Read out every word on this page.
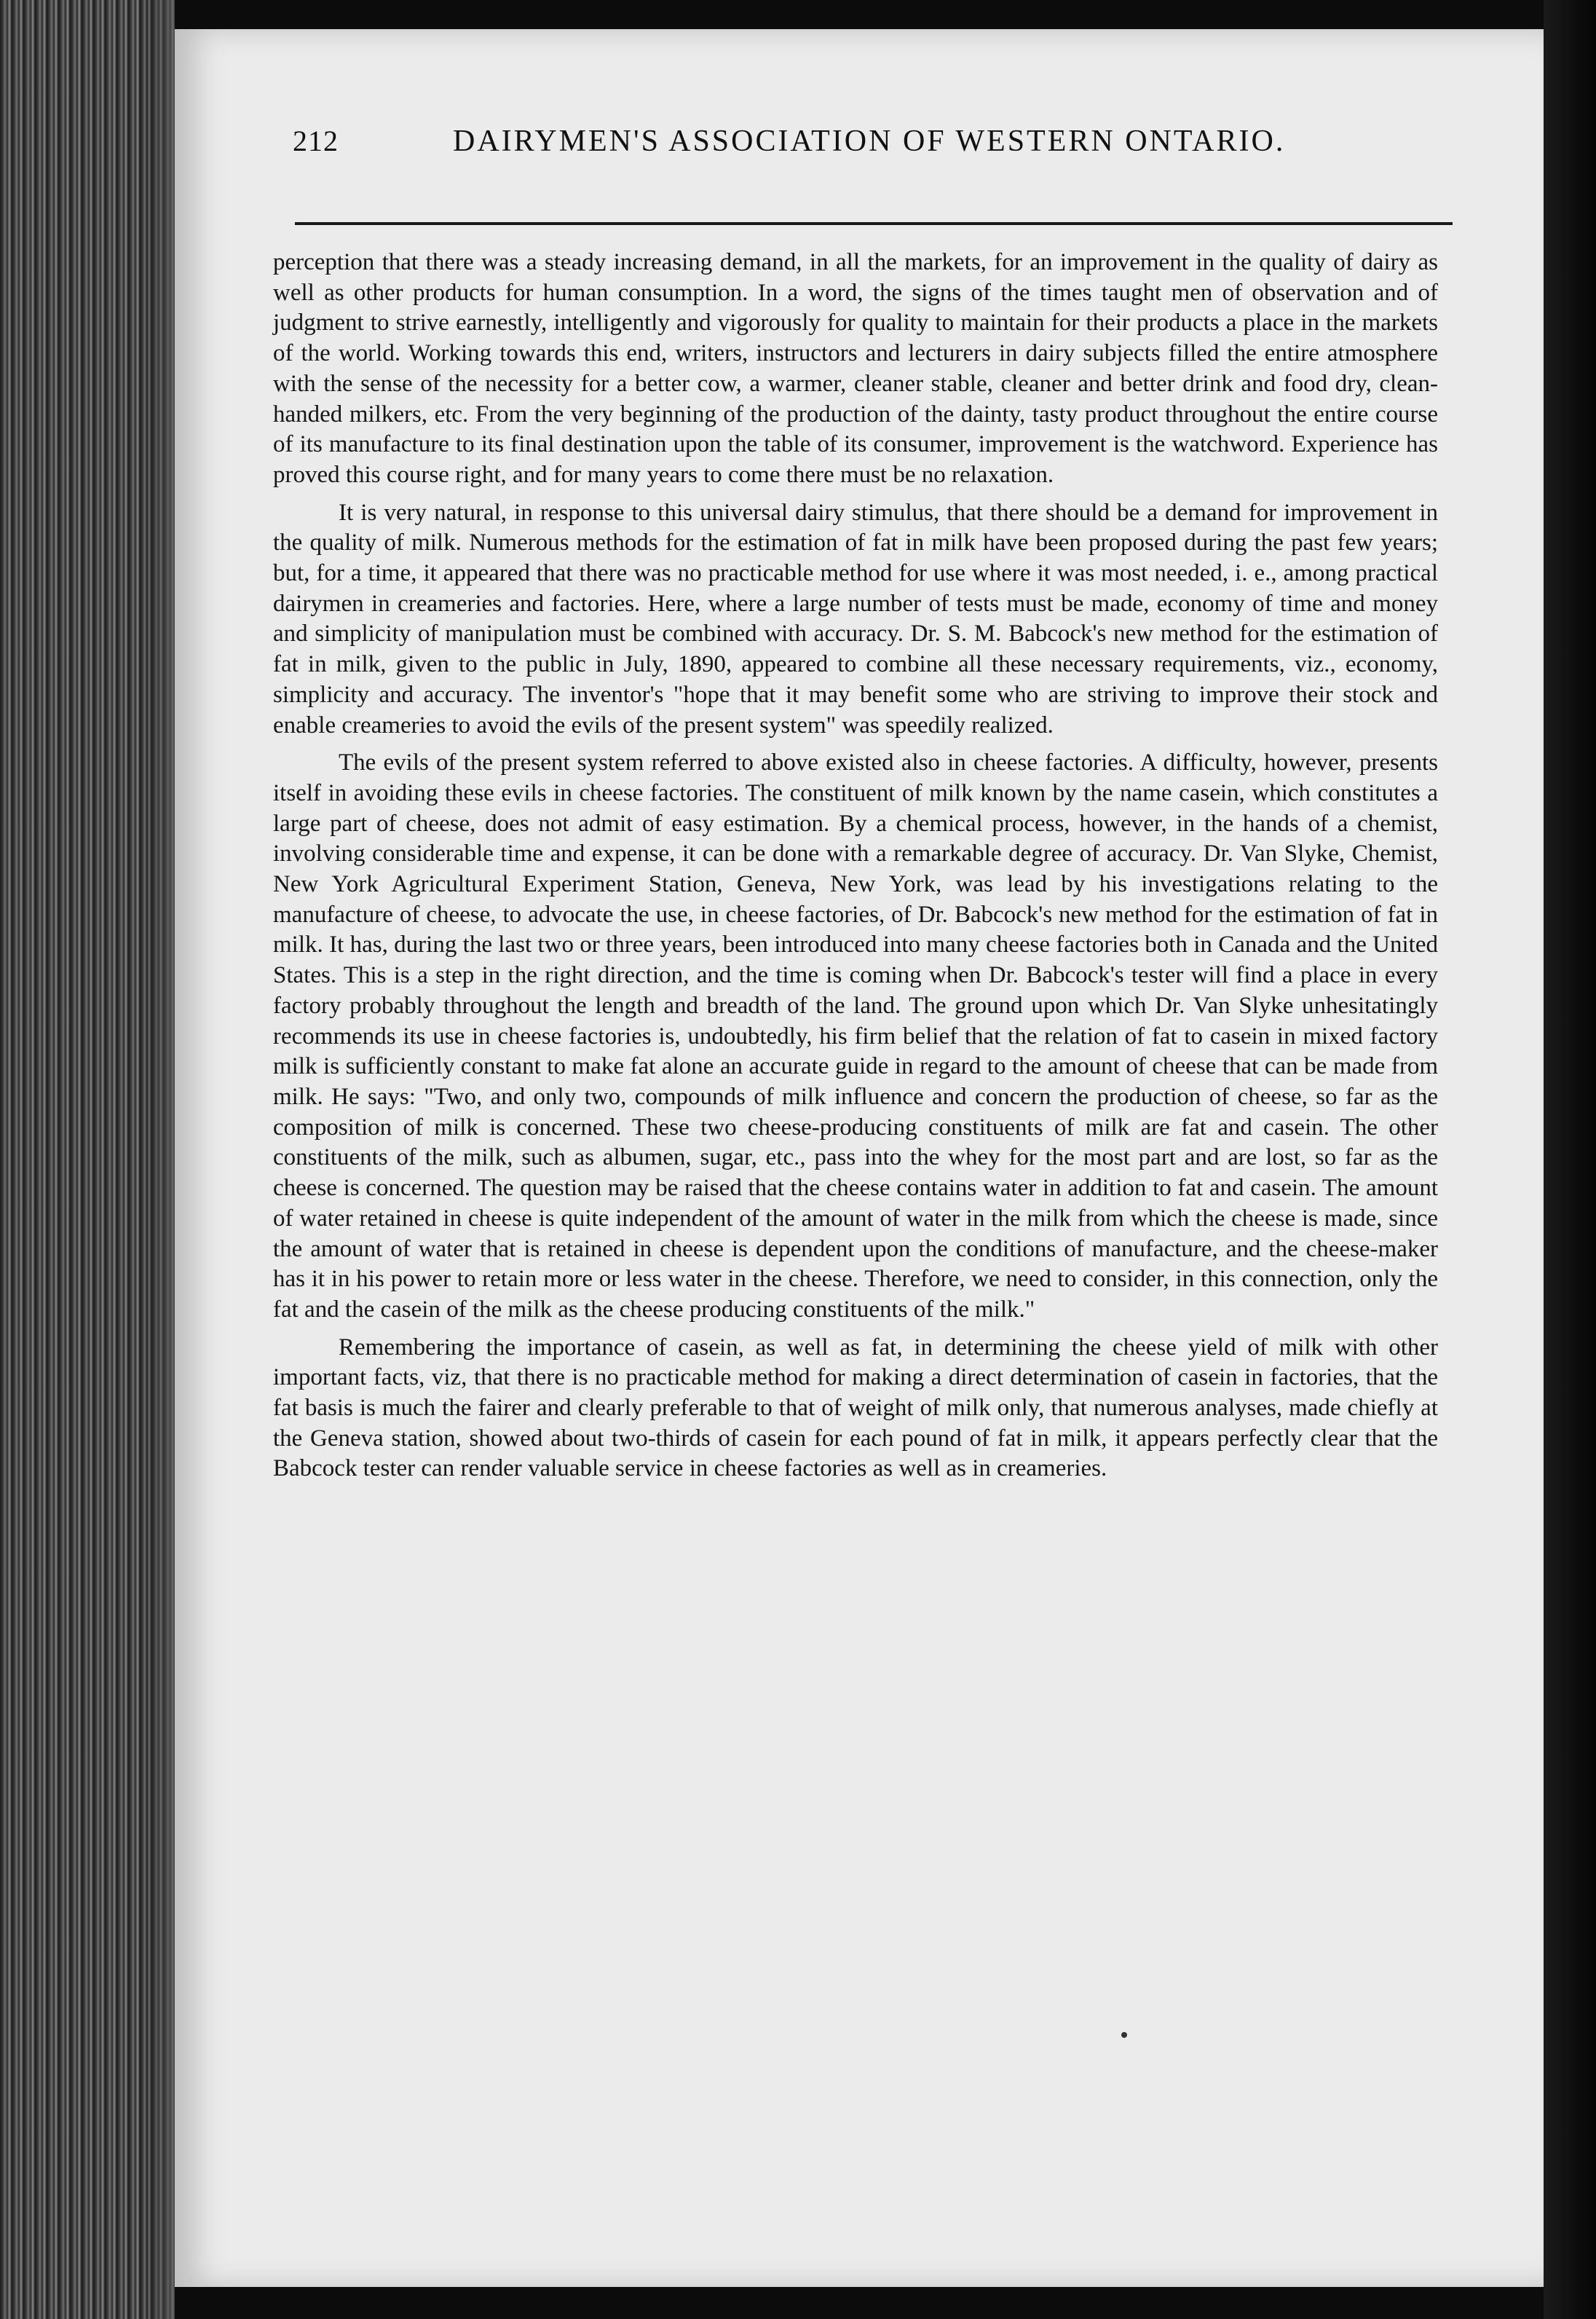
212	DAIRYMEN'S ASSOCIATION OF WESTERN ONTARIO.

perception that there was a steady increasing demand, in all the markets, for an improvement in the quality of dairy as well as other products for human consumption. In a word, the signs of the times taught men of observation and of judgment to strive earnestly, intelligently and vigorously for quality to maintain for their products a place in the markets of the world. Working towards this end, writers, instructors and lecturers in dairy subjects filled the entire atmosphere with the sense of the necessity for a better cow, a warmer, cleaner stable, cleaner and better drink and food dry, clean-handed milkers, etc. From the very beginning of the production of the dainty, tasty product throughout the entire course of its manufacture to its final destination upon the table of its consumer, improvement is the watchword. Experience has proved this course right, and for many years to come there must be no relaxation.

It is very natural, in response to this universal dairy stimulus, that there should be a demand for improvement in the quality of milk. Numerous methods for the estimation of fat in milk have been proposed during the past few years; but, for a time, it appeared that there was no practicable method for use where it was most needed, i. e., among practical dairymen in creameries and factories. Here, where a large number of tests must be made, economy of time and money and simplicity of manipulation must be combined with accuracy. Dr. S. M. Babcock's new method for the estimation of fat in milk, given to the public in July, 1890, appeared to combine all these necessary requirements, viz., economy, simplicity and accuracy. The inventor's "hope that it may benefit some who are striving to improve their stock and enable creameries to avoid the evils of the present system" was speedily realized.

The evils of the present system referred to above existed also in cheese factories. A difficulty, however, presents itself in avoiding these evils in cheese factories. The constituent of milk known by the name casein, which constitutes a large part of cheese, does not admit of easy estimation. By a chemical process, however, in the hands of a chemist, involving considerable time and expense, it can be done with a remarkable degree of accuracy. Dr. Van Slyke, Chemist, New York Agricultural Experiment Station, Geneva, New York, was lead by his investigations relating to the manufacture of cheese, to advocate the use, in cheese factories, of Dr. Babcock's new method for the estimation of fat in milk. It has, during the last two or three years, been introduced into many cheese factories both in Canada and the United States. This is a step in the right direction, and the time is coming when Dr. Babcock's tester will find a place in every factory probably throughout the length and breadth of the land. The ground upon which Dr. Van Slyke unhesitatingly recommends its use in cheese factories is, undoubtedly, his firm belief that the relation of fat to casein in mixed factory milk is sufficiently constant to make fat alone an accurate guide in regard to the amount of cheese that can be made from milk. He says: "Two, and only two, compounds of milk influence and concern the production of cheese, so far as the composition of milk is concerned. These two cheese-producing constituents of milk are fat and casein. The other constituents of the milk, such as albumen, sugar, etc., pass into the whey for the most part and are lost, so far as the cheese is concerned. The question may be raised that the cheese contains water in addition to fat and casein. The amount of water retained in cheese is quite independent of the amount of water in the milk from which the cheese is made, since the amount of water that is retained in cheese is dependent upon the conditions of manufacture, and the cheese-maker has it in his power to retain more or less water in the cheese. Therefore, we need to consider, in this connection, only the fat and the casein of the milk as the cheese producing constituents of the milk."

Remembering the importance of casein, as well as fat, in determining the cheese yield of milk with other important facts, viz, that there is no practicable method for making a direct determination of casein in factories, that the fat basis is much the fairer and clearly preferable to that of weight of milk only, that numerous analyses, made chiefly at the Geneva station, showed about two-thirds of casein for each pound of fat in milk, it appears perfectly clear that the Babcock tester can render valuable service in cheese factories as well as in creameries.
